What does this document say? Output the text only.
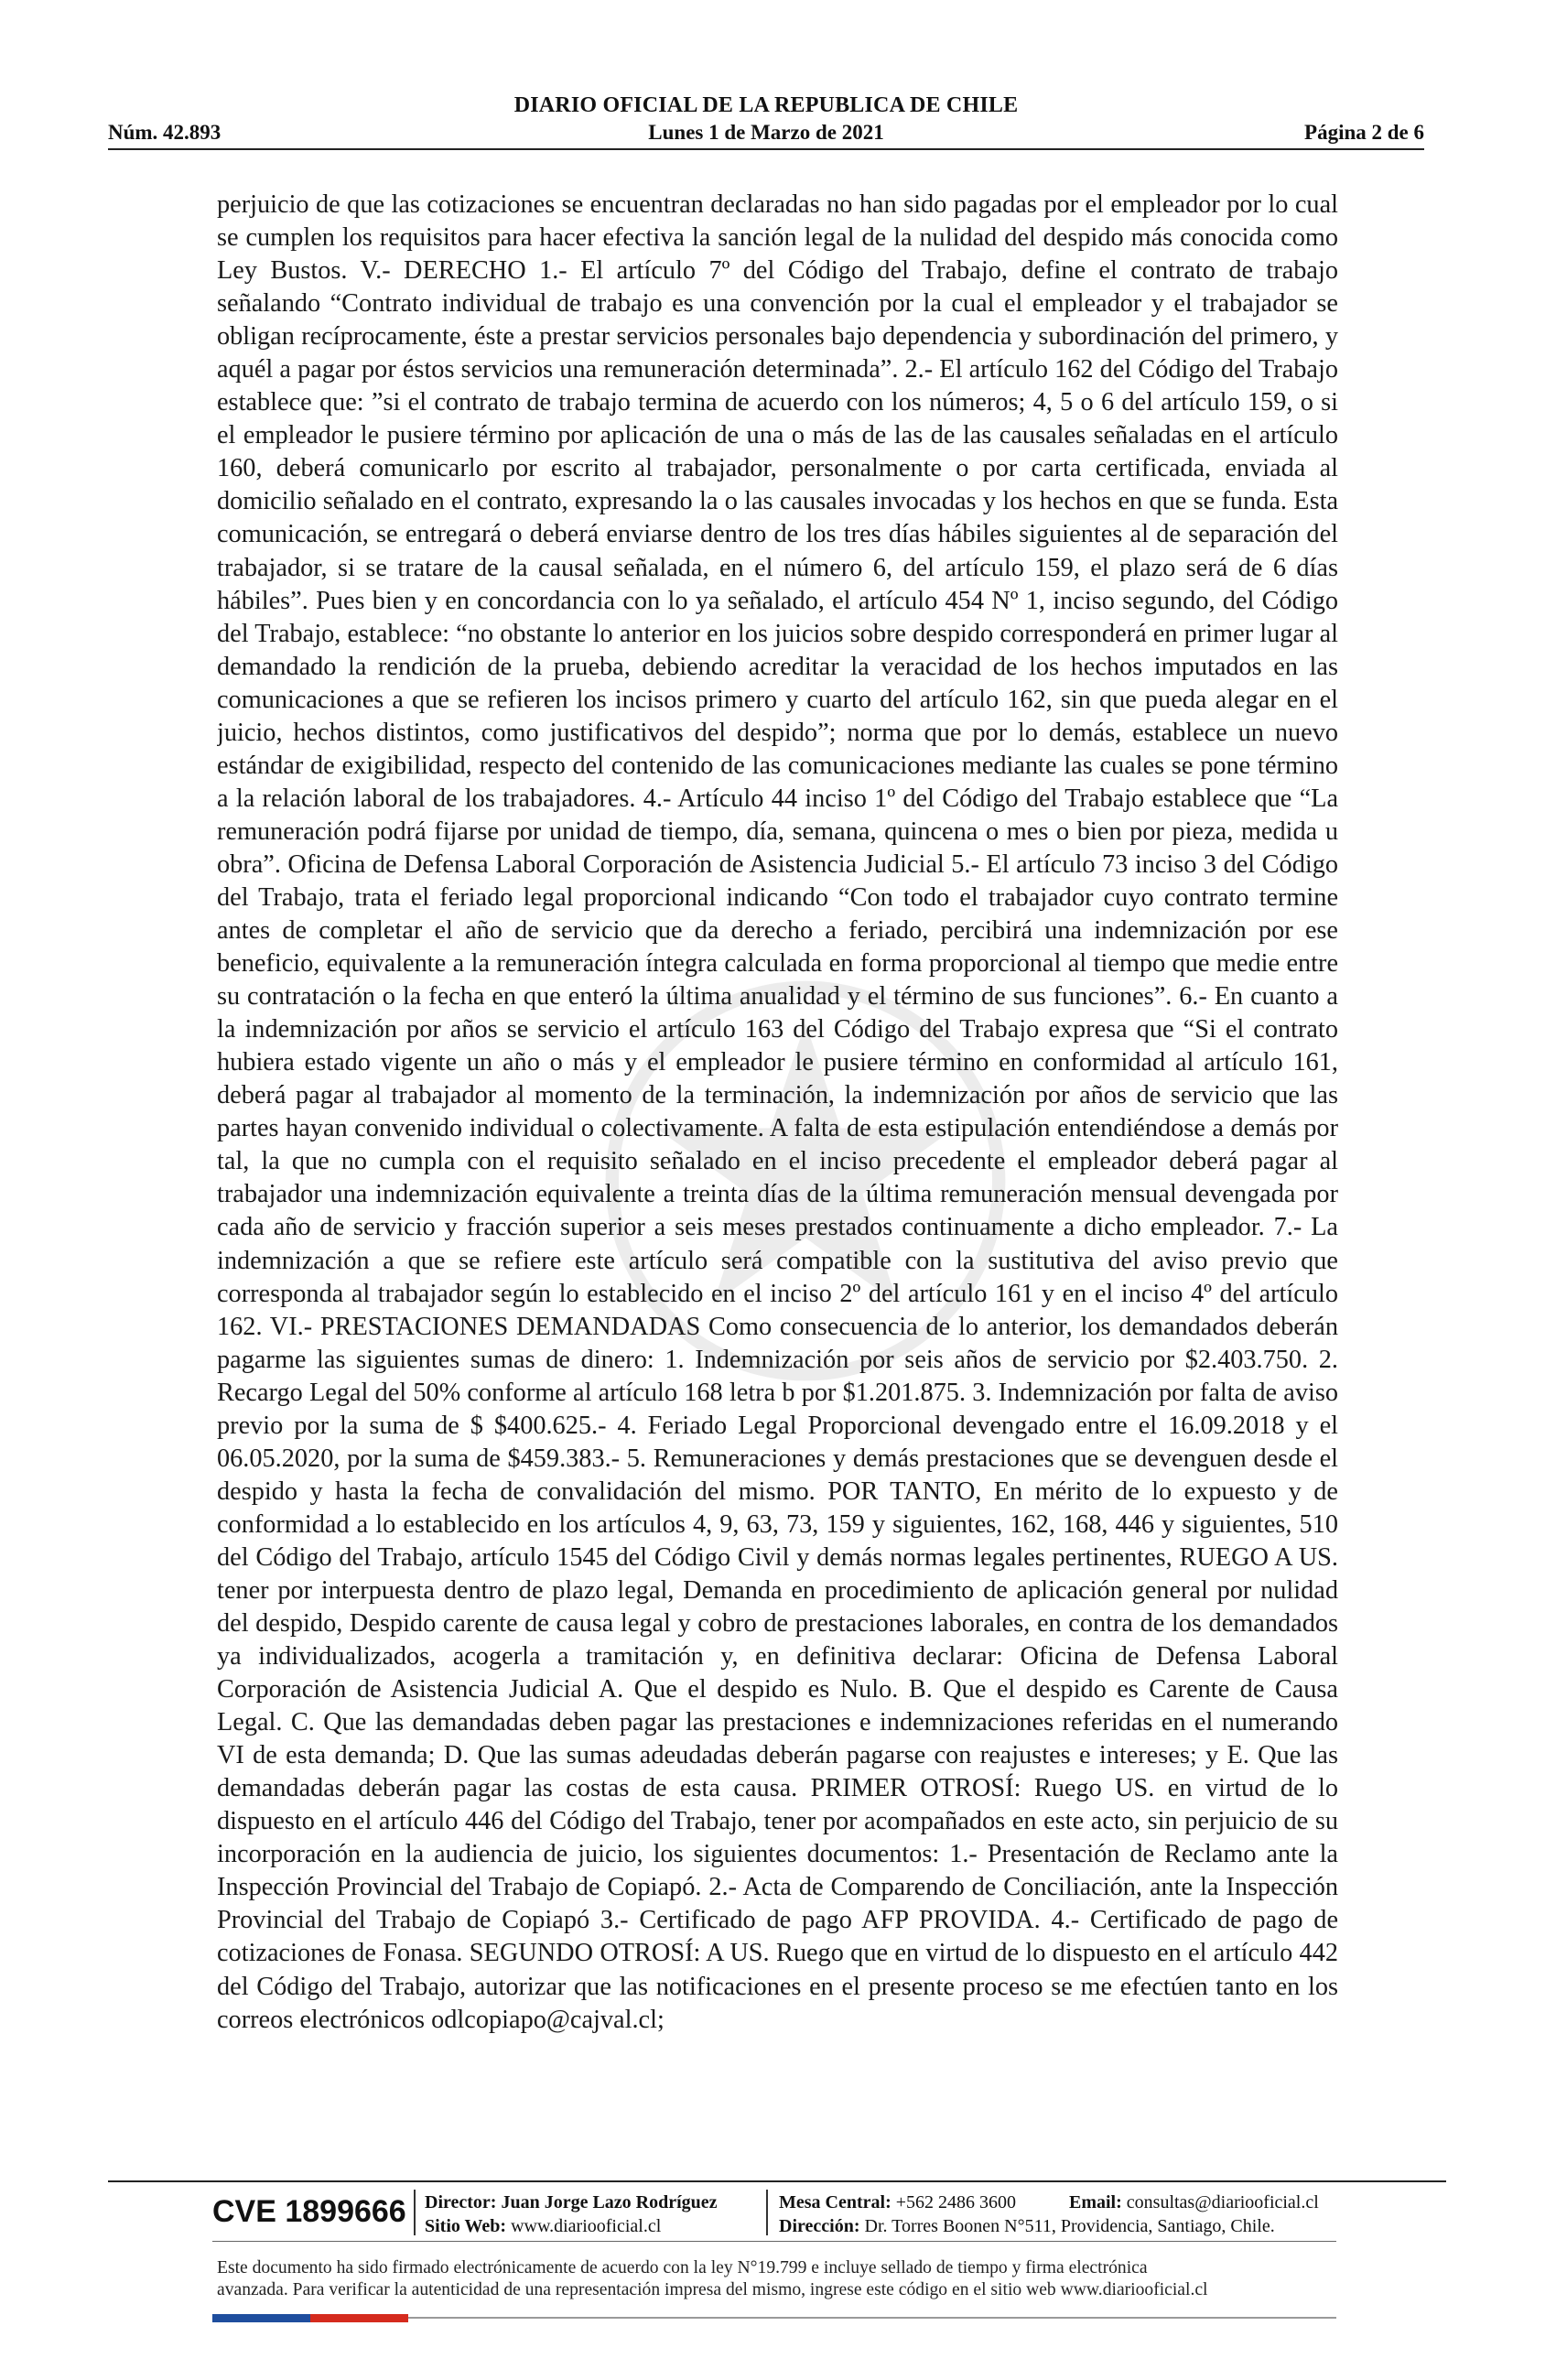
DIARIO OFICIAL DE LA REPUBLICA DE CHILE
Núm. 42.893	Lunes 1 de Marzo de 2021	Página 2 de 6

perjuicio de que las cotizaciones se encuentran declaradas no han sido pagadas por el empleador por lo cual se cumplen los requisitos para hacer efectiva la sanción legal de la nulidad del despido más conocida como Ley Bustos. V.- DERECHO 1.- El artículo 7º del Código del Trabajo, define el contrato de trabajo señalando “Contrato individual de trabajo es una convención por la cual el empleador y el trabajador se obligan recíprocamente, éste a prestar servicios personales bajo dependencia y subordinación del primero, y aquél a pagar por éstos servicios una remuneración determinada”. 2.- El artículo 162 del Código del Trabajo establece que: ”si el contrato de trabajo termina de acuerdo con los números; 4, 5 o 6 del artículo 159, o si el empleador le pusiere término por aplicación de una o más de las de las causales señaladas en el artículo 160, deberá comunicarlo por escrito al trabajador, personalmente o por carta certificada, enviada al domicilio señalado en el contrato, expresando la o las causales invocadas y los hechos en que se funda. Esta comunicación, se entregará o deberá enviarse dentro de los tres días hábiles siguientes al de separación del trabajador, si se tratare de la causal señalada, en el número 6, del artículo 159, el plazo será de 6 días hábiles”. Pues bien y en concordancia con lo ya señalado, el artículo 454 Nº 1, inciso segundo, del Código del Trabajo, establece: “no obstante lo anterior en los juicios sobre despido corresponderá en primer lugar al demandado la rendición de la prueba, debiendo acreditar la veracidad de los hechos imputados en las comunicaciones a que se refieren los incisos primero y cuarto del artículo 162, sin que pueda alegar en el juicio, hechos distintos, como justificativos del despido”; norma que por lo demás, establece un nuevo estándar de exigibilidad, respecto del contenido de las comunicaciones mediante las cuales se pone término a la relación laboral de los trabajadores. 4.- Artículo 44 inciso 1º del Código del Trabajo establece que “La remuneración podrá fijarse por unidad de tiempo, día, semana, quincena o mes o bien por pieza, medida u obra”. Oficina de Defensa Laboral Corporación de Asistencia Judicial 5.- El artículo 73 inciso 3 del Código del Trabajo, trata el feriado legal proporcional indicando “Con todo el trabajador cuyo contrato termine antes de completar el año de servicio que da derecho a feriado, percibirá una indemnización por ese beneficio, equivalente a la remuneración íntegra calculada en forma proporcional al tiempo que medie entre su contratación o la fecha en que enteró la última anualidad y el término de sus funciones”. 6.- En cuanto a la indemnización por años se servicio el artículo 163 del Código del Trabajo expresa que “Si el contrato hubiera estado vigente un año o más y el empleador le pusiere término en conformidad al artículo 161, deberá pagar al trabajador al momento de la terminación, la indemnización por años de servicio que las partes hayan convenido individual o colectivamente. A falta de esta estipulación entendiéndose a demás por tal, la que no cumpla con el requisito señalado en el inciso precedente el empleador deberá pagar al trabajador una indemnización equivalente a treinta días de la última remuneración mensual devengada por cada año de servicio y fracción superior a seis meses prestados continuamente a dicho empleador. 7.- La indemnización a que se refiere este artículo será compatible con la sustitutiva del aviso previo que corresponda al trabajador según lo establecido en el inciso 2º del artículo 161 y en el inciso 4º del artículo 162. VI.- PRESTACIONES DEMANDADAS Como consecuencia de lo anterior, los demandados deberán pagarme las siguientes sumas de dinero: 1. Indemnización por seis años de servicio por $2.403.750. 2. Recargo Legal del 50% conforme al artículo 168 letra b por $1.201.875. 3. Indemnización por falta de aviso previo por la suma de $ $400.625.- 4. Feriado Legal Proporcional devengado entre el 16.09.2018 y el 06.05.2020, por la suma de $459.383.- 5. Remuneraciones y demás prestaciones que se devenguen desde el despido y hasta la fecha de convalidación del mismo. POR TANTO, En mérito de lo expuesto y de conformidad a lo establecido en los artículos 4, 9, 63, 73, 159 y siguientes, 162, 168, 446 y siguientes, 510 del Código del Trabajo, artículo 1545 del Código Civil y demás normas legales pertinentes, RUEGO A US. tener por interpuesta dentro de plazo legal, Demanda en procedimiento de aplicación general por nulidad del despido, Despido carente de causa legal y cobro de prestaciones laborales, en contra de los demandados ya individualizados, acogerla a tramitación y, en definitiva declarar: Oficina de Defensa Laboral Corporación de Asistencia Judicial A. Que el despido es Nulo. B. Que el despido es Carente de Causa Legal. C. Que las demandadas deben pagar las prestaciones e indemnizaciones referidas en el numerando VI de esta demanda; D. Que las sumas adeudadas deberán pagarse con reajustes e intereses; y E. Que las demandadas deberán pagar las costas de esta causa. PRIMER OTROSÍ: Ruego US. en virtud de lo dispuesto en el artículo 446 del Código del Trabajo, tener por acompañados en este acto, sin perjuicio de su incorporación en la audiencia de juicio, los siguientes documentos: 1.- Presentación de Reclamo ante la Inspección Provincial del Trabajo de Copiapó. 2.- Acta de Comparendo de Conciliación, ante la Inspección Provincial del Trabajo de Copiapó 3.- Certificado de pago AFP PROVIDA. 4.- Certificado de pago de cotizaciones de Fonasa. SEGUNDO OTROSÍ: A US. Ruego que en virtud de lo dispuesto en el artículo 442 del Código del Trabajo, autorizar que las notificaciones en el presente proceso se me efectúen tanto en los correos electrónicos odlcopiapo@cajval.cl;

CVE 1899666 Director: Juan Jorge Lazo Rodríguez
Sitio Web: www.diariooficial.cl
Mesa Central: +562 2486 3600	Email: consultas@diariooficial.cl
Dirección: Dr. Torres Boonen N°511, Providencia, Santiago, Chile.
Este documento ha sido firmado electrónicamente de acuerdo con la ley N°19.799 e incluye sellado de tiempo y firma electrónica
avanzada. Para verificar la autenticidad de una representación impresa del mismo, ingrese este código en el sitio web www.diariooficial.cl
